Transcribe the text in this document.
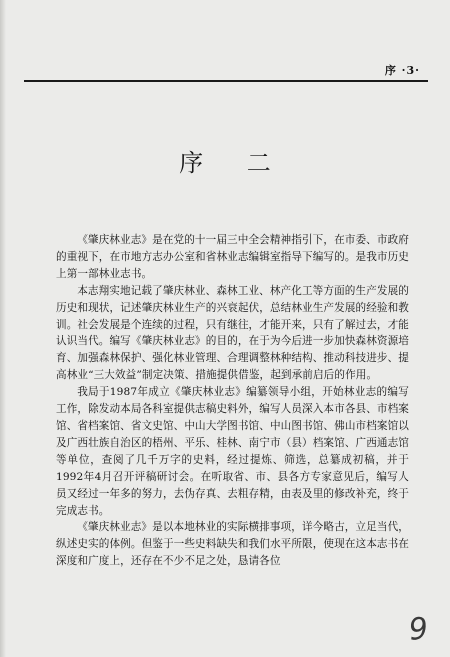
序 ·3·
序 二

《肇庆林业志》是在党的十一届三中全会精神指引下，在市委、市政府的重视下，在市地方志办公室和省林业志编辑室指导下编写的。是我市历史上第一部林业志书。

本志翔实地记载了肇庆林业、森林工业、林产化工等方面的生产发展的历史和现状，记述肇庆林业生产的兴衰起伏，总结林业生产发展的经验和教训。社会发展是个连续的过程，只有继往，才能开来，只有了解过去，才能认识当代。编写《肇庆林业志》的目的，在于为今后进一步加快森林资源培育、加强森林保护、强化林业管理、合理调整林种结构、推动科技进步、提高林业“三大效益”制定决策、措施提供借鉴，起到承前启后的作用。

我局于1987年成立《肇庆林业志》编纂领导小组，开始林业志的编写工作，除发动本局各科室提供志稿史料外，编写人员深入本市各县、市档案馆、省档案馆、省文史馆、中山大学图书馆、中山图书馆、佛山市档案馆以及广西壮族自治区的梧州、平乐、桂林、南宁市（县）档案馆、广西通志馆等单位，查阅了几千万字的史料，经过提炼、筛选，总纂成初稿，并于1992年4月召开评稿研讨会。在听取省、市、县各方专家意见后，编写人员又经过一年多的努力，去伪存真、去粗存精，由表及里的修改补充，终于完成志书。

《肇庆林业志》是以本地林业的实际横排事项，详今略古，立足当代，纵述史实的体例。但鉴于一些史料缺失和我们水平所限，使现在这本志书在深度和广度上，还存在不少不足之处，恳请各位

9
